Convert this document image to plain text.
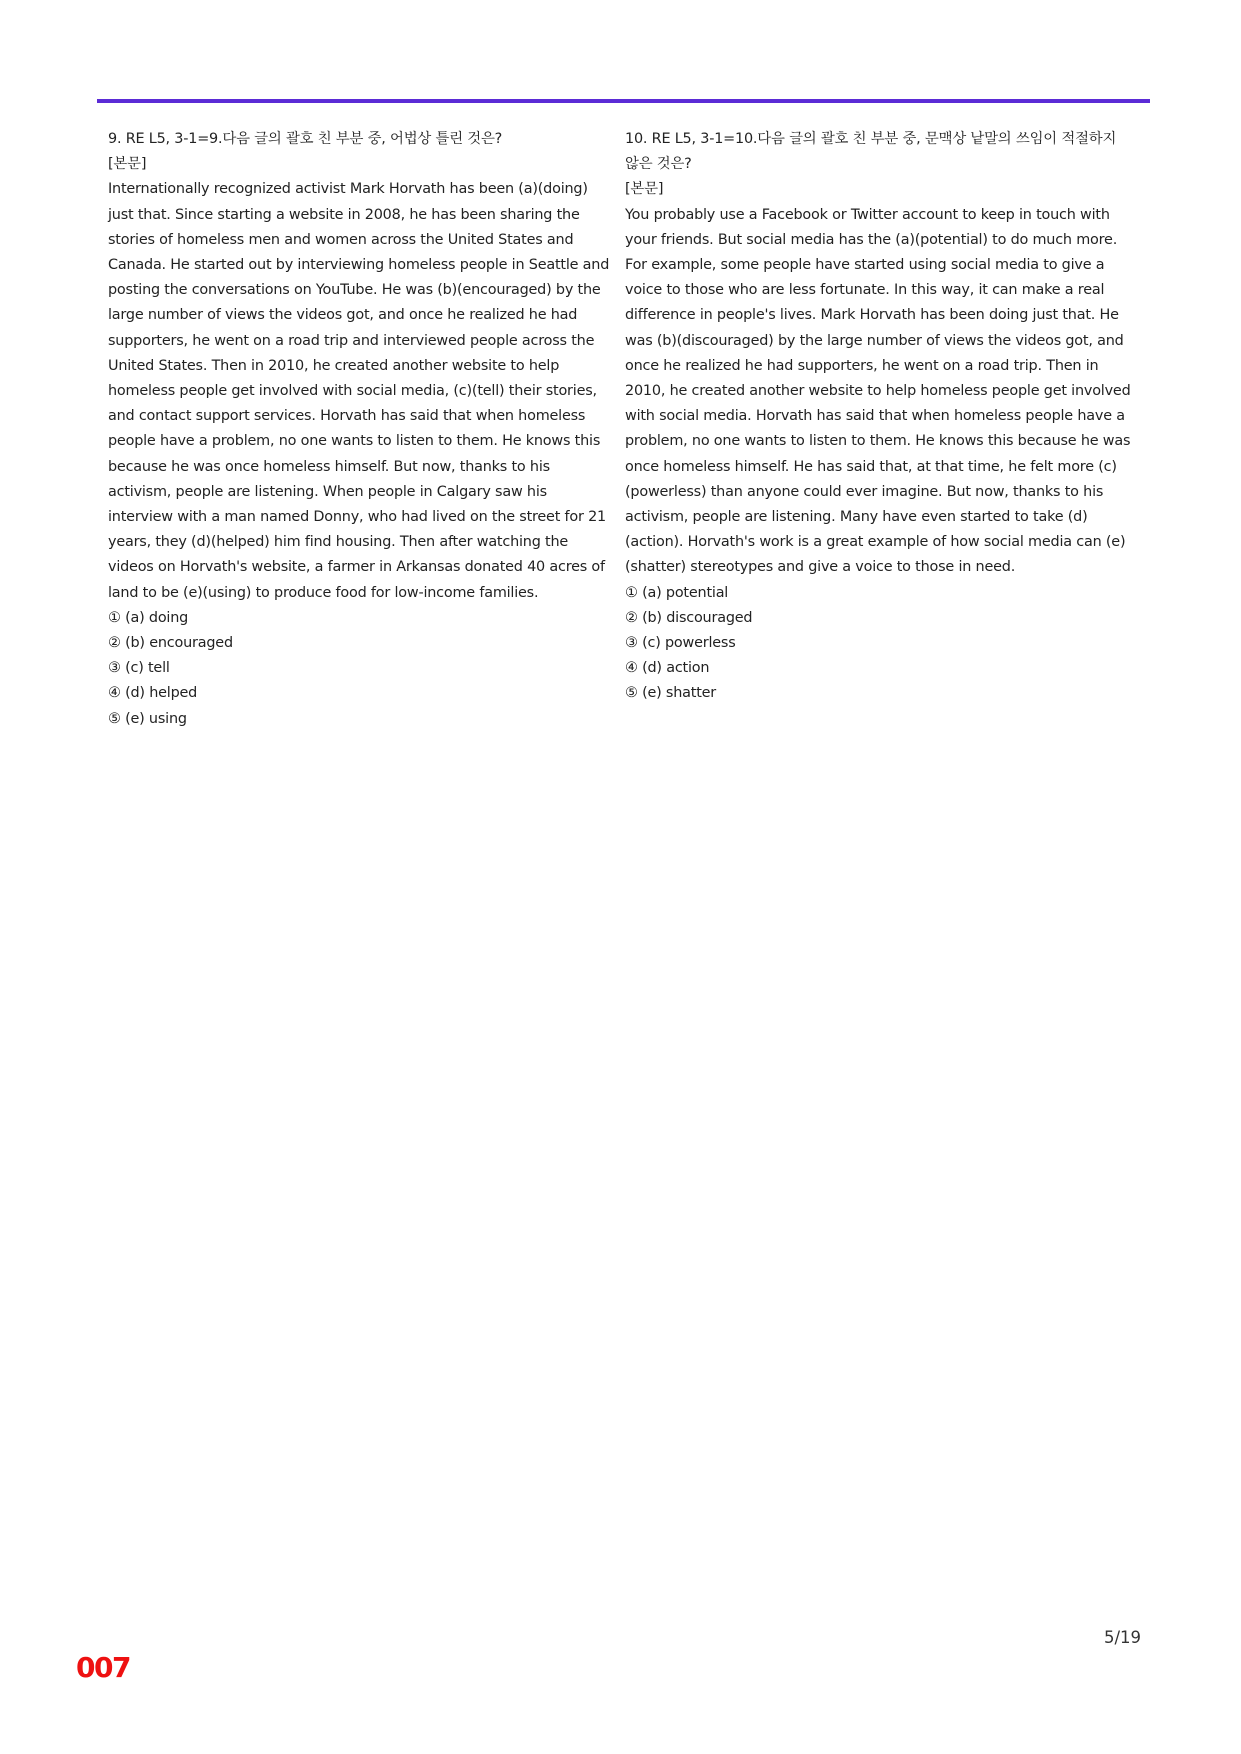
9. RE L5, 3-1=9.다음 글의 괄호 친 부분 중, 어법상 틀린 것은?

[본문]

Internationally recognized activist Mark Horvath has been (a)(doing) just that. Since starting a website in 2008, he has been sharing the stories of homeless men and women across the United States and Canada. He started out by interviewing homeless people in Seattle and posting the conversations on YouTube. He was (b)(encouraged) by the large number of views the videos got, and once he realized he had supporters, he went on a road trip and interviewed people across the United States. Then in 2010, he created another website to help homeless people get involved with social media, (c)(tell) their stories, and contact support services. Horvath has said that when homeless people have a problem, no one wants to listen to them. He knows this because he was once homeless himself. But now, thanks to his activism, people are listening. When people in Calgary saw his interview with a man named Donny, who had lived on the street for 21 years, they (d)(helped) him find housing. Then after watching the videos on Horvath's website, a farmer in Arkansas donated 40 acres of land to be (e)(using) to produce food for low-income families.

① (a) doing
② (b) encouraged
③ (c) tell
④ (d) helped
⑤ (e) using

10. RE L5, 3-1=10.다음 글의 괄호 친 부분 중, 문맥상 낱말의 쓰임이 적절하지 않은 것은?

[본문]

You probably use a Facebook or Twitter account to keep in touch with your friends. But social media has the (a)(potential) to do much more. For example, some people have started using social media to give a voice to those who are less fortunate. In this way, it can make a real difference in people's lives. Mark Horvath has been doing just that. He was (b)(discouraged) by the large number of views the videos got, and once he realized he had supporters, he went on a road trip. Then in 2010, he created another website to help homeless people get involved with social media. Horvath has said that when homeless people have a problem, no one wants to listen to them. He knows this because he was once homeless himself. He has said that, at that time, he felt more (c)(powerless) than anyone could ever imagine. But now, thanks to his activism, people are listening. Many have even started to take (d)(action). Horvath's work is a great example of how social media can (e)(shatter) stereotypes and give a voice to those in need.

① (a) potential
② (b) discouraged
③ (c) powerless
④ (d) action
⑤ (e) shatter
5/19
007
